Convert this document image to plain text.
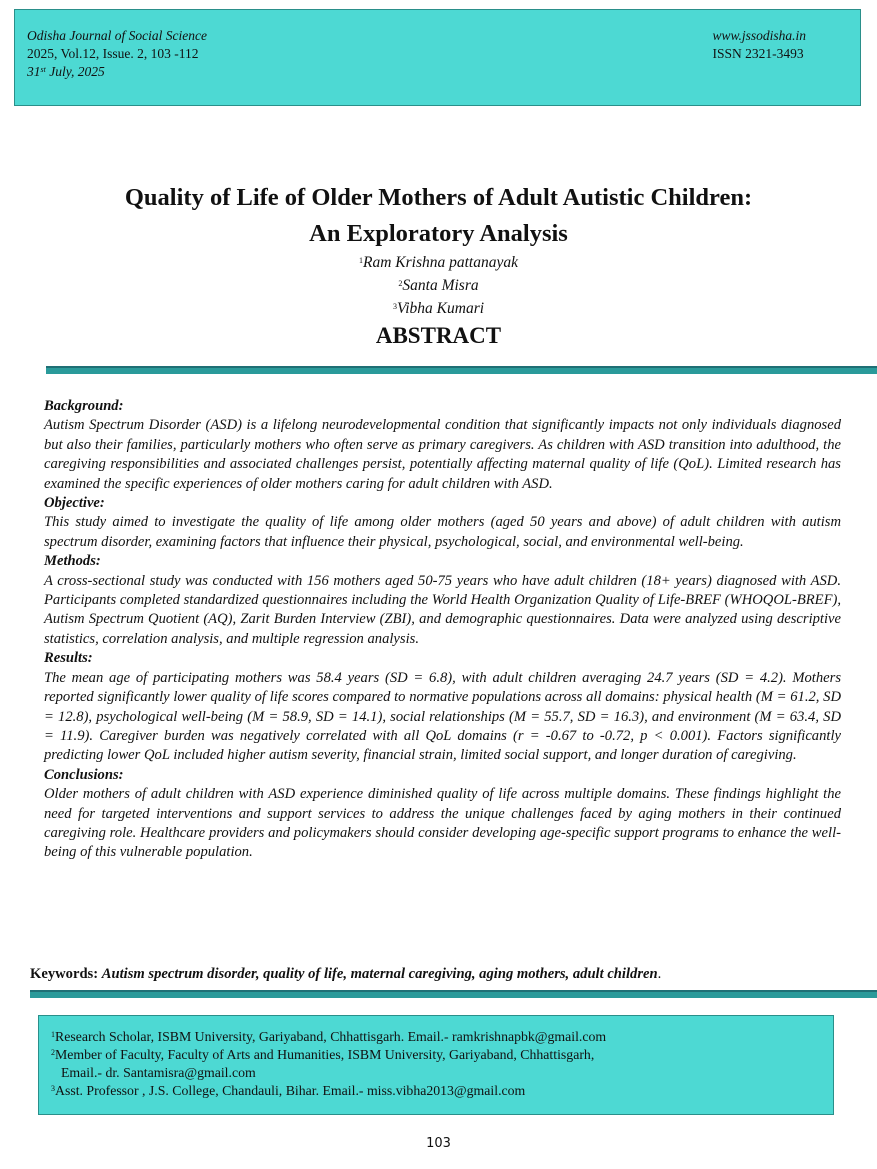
Odisha Journal of Social Science
2025, Vol.12, Issue. 2, 103 -112
31st July, 2025
www.jssodisha.in
ISSN 2321-3493
Quality of Life of Older Mothers of Adult Autistic Children:
An Exploratory Analysis
$^1$Ram Krishna pattanayak
$^2$Santa Misra
$^3$Vibha Kumari
ABSTRACT
Background:

Autism Spectrum Disorder (ASD) is a lifelong neurodevelopmental condition that significantly impacts not only individuals diagnosed but also their families, particularly mothers who often serve as primary caregivers. As children with ASD transition into adulthood, the caregiving responsibilities and associated challenges persist, potentially affecting maternal quality of life (QoL). Limited research has examined the specific experiences of older mothers caring for adult children with ASD.

Objective:

This study aimed to investigate the quality of life among older mothers (aged 50 years and above) of adult children with autism spectrum disorder, examining factors that influence their physical, psychological, social, and environmental well-being.

Methods:

A cross-sectional study was conducted with 156 mothers aged 50-75 years who have adult children (18+ years) diagnosed with ASD. Participants completed standardized questionnaires including the World Health Organization Quality of Life-BREF (WHOQOL-BREF), Autism Spectrum Quotient (AQ), Zarit Burden Interview (ZBI), and demographic questionnaires. Data were analyzed using descriptive statistics, correlation analysis, and multiple regression analysis.

Results:

The mean age of participating mothers was 58.4 years (SD = 6.8), with adult children averaging 24.7 years (SD = 4.2). Mothers reported significantly lower quality of life scores compared to normative populations across all domains: physical health (M = 61.2, SD = 12.8), psychological well-being (M = 58.9, SD = 14.1), social relationships (M = 55.7, SD = 16.3), and environment (M = 63.4, SD = 11.9). Caregiver burden was negatively correlated with all QoL domains (r = -0.67 to -0.72, p < 0.001). Factors significantly predicting lower QoL included higher autism severity, financial strain, limited social support, and longer duration of caregiving.

Conclusions:

Older mothers of adult children with ASD experience diminished quality of life across multiple domains. These findings highlight the need for targeted interventions and support services to address the unique challenges faced by aging mothers in their continued caregiving role. Healthcare providers and policymakers should consider developing age-specific support programs to enhance the well-being of this vulnerable population.

Keywords: Autism spectrum disorder, quality of life, maternal caregiving, aging mothers, adult children.
$^1$Research Scholar, ISBM University, Gariyaband, Chhattisgarh. Email.- ramkrishnapbk@gmail.com
$^2$Member of Faculty, Faculty of Arts and Humanities, ISBM University, Gariyaband, Chhattisgarh,
Email.- dr. Santamisra@gmail.com
$^3$Asst. Professor , J.S. College, Chandauli, Bihar. Email.- miss.vibha2013@gmail.com
103
